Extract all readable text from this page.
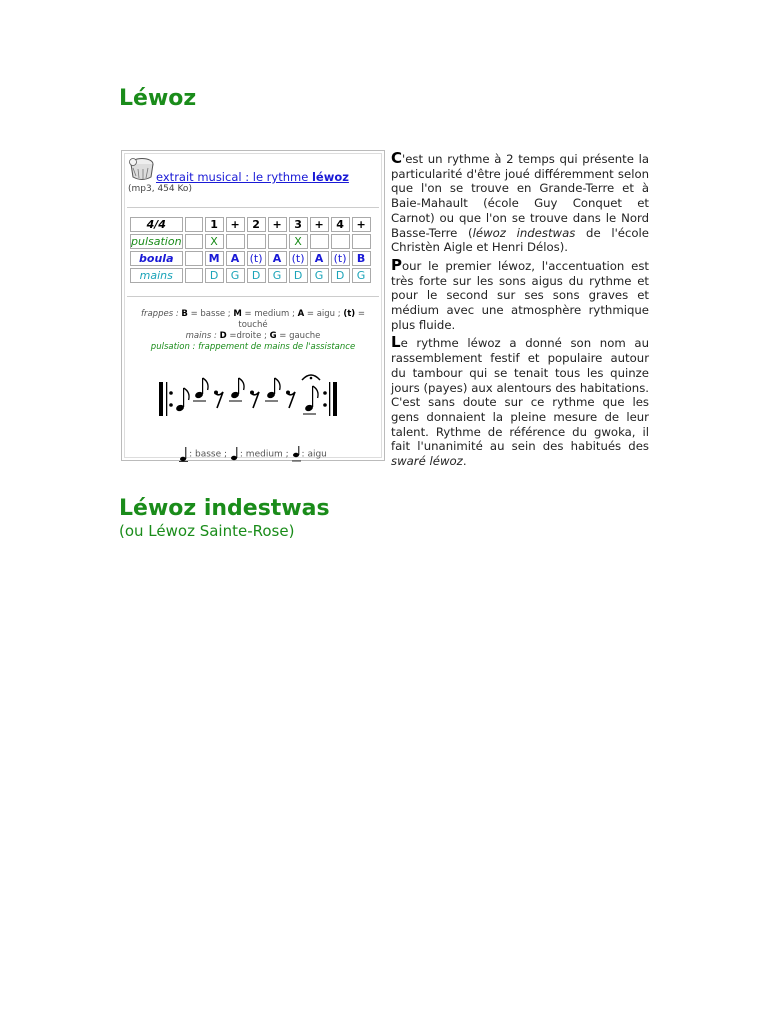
Léwoz
extrait musical : le rythme léwoz
(mp3, 454 Ko)
4/4		1	+	2	+	3	+	4	+
pulsation		X				X			
boula		M	A	(t)	A	(t)	A	(t)	B
mains		D	G	D	G	D	G	D	G
frappes : B = basse ; M = medium ; A = aigu ; (t) = touché
mains : D =droite ; G = gauche
pulsation : frappement de mains de l'assistance
: basse ; : medium ; : aigu

C'est un rythme à 2 temps qui présente la particularité d'être joué différemment selon que l'on se trouve en Grande-Terre et à Baie-Mahault (école Guy Conquet et Carnot) ou que l'on se trouve dans le Nord Basse-Terre (léwoz indestwas de l'école Christèn Aigle et Henri Délos).

Pour le premier léwoz, l'accentuation est très forte sur les sons aigus du rythme et pour le second sur ses sons graves et médium avec une atmosphère rythmique plus fluide.

Le rythme léwoz a donné son nom au rassemblement festif et populaire autour du tambour qui se tenait tous les quinze jours (payes) aux alentours des habitations. C'est sans doute sur ce rythme que les gens donnaient la pleine mesure de leur talent. Rythme de référence du gwoka, il fait l'unanimité au sein des habitués des swaré léwoz.

Léwoz indestwas
(ou Léwoz Sainte-Rose)
